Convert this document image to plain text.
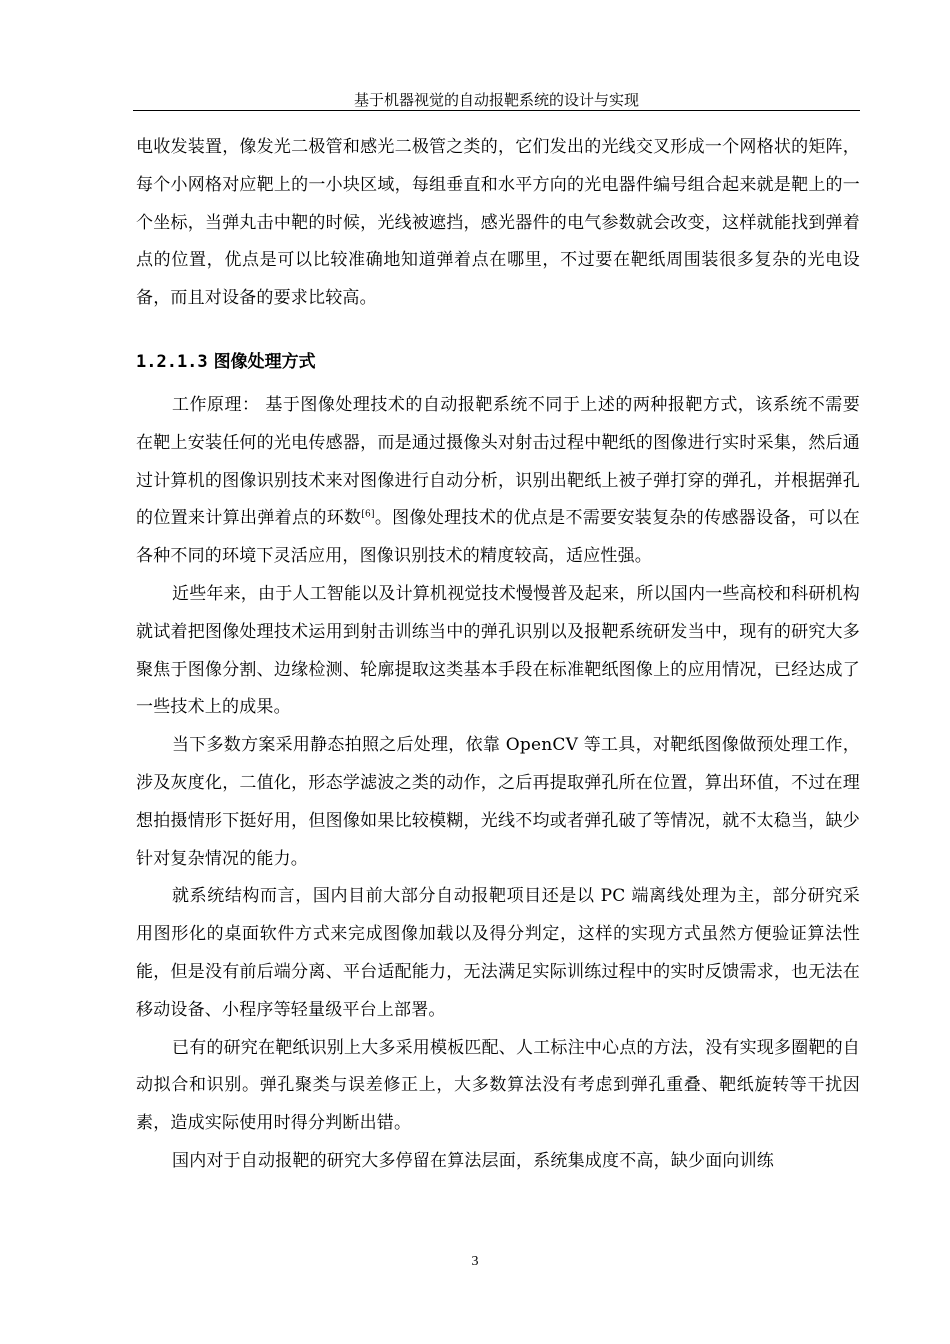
基于机器视觉的自动报靶系统的设计与实现

电收发装置，像发光二极管和感光二极管之类的，它们发出的光线交叉形成一个网格状的矩阵，每个小网格对应靶上的一小块区域，每组垂直和水平方向的光电器件编号组合起来就是靶上的一个坐标，当弹丸击中靶的时候，光线被遮挡，感光器件的电气参数就会改变，这样就能找到弹着点的位置，优点是可以比较准确地知道弹着点在哪里，不过要在靶纸周围装很多复杂的光电设备，而且对设备的要求比较高。

1.2.1.3 图像处理方式

工作原理： 基于图像处理技术的自动报靶系统不同于上述的两种报靶方式，该系统不需要在靶上安装任何的光电传感器，而是通过摄像头对射击过程中靶纸的图像进行实时采集，然后通过计算机的图像识别技术来对图像进行自动分析，识别出靶纸上被子弹打穿的弹孔，并根据弹孔的位置来计算出弹着点的环数[6]。图像处理技术的优点是不需要安装复杂的传感器设备，可以在各种不同的环境下灵活应用，图像识别技术的精度较高，适应性强。

近些年来，由于人工智能以及计算机视觉技术慢慢普及起来，所以国内一些高校和科研机构就试着把图像处理技术运用到射击训练当中的弹孔识别以及报靶系统研发当中，现有的研究大多聚焦于图像分割、边缘检测、轮廓提取这类基本手段在标准靶纸图像上的应用情况，已经达成了一些技术上的成果。

当下多数方案采用静态拍照之后处理，依靠 OpenCV 等工具，对靶纸图像做预处理工作，涉及灰度化，二值化，形态学滤波之类的动作，之后再提取弹孔所在位置，算出环值，不过在理想拍摄情形下挺好用，但图像如果比较模糊，光线不均或者弹孔破了等情况，就不太稳当，缺少针对复杂情况的能力。

就系统结构而言，国内目前大部分自动报靶项目还是以 PC 端离线处理为主，部分研究采用图形化的桌面软件方式来完成图像加载以及得分判定，这样的实现方式虽然方便验证算法性能，但是没有前后端分离、平台适配能力，无法满足实际训练过程中的实时反馈需求，也无法在移动设备、小程序等轻量级平台上部署。

已有的研究在靶纸识别上大多采用模板匹配、人工标注中心点的方法，没有实现多圈靶的自动拟合和识别。弹孔聚类与误差修正上，大多数算法没有考虑到弹孔重叠、靶纸旋转等干扰因素，造成实际使用时得分判断出错。

国内对于自动报靶的研究大多停留在算法层面，系统集成度不高，缺少面向训练

3
